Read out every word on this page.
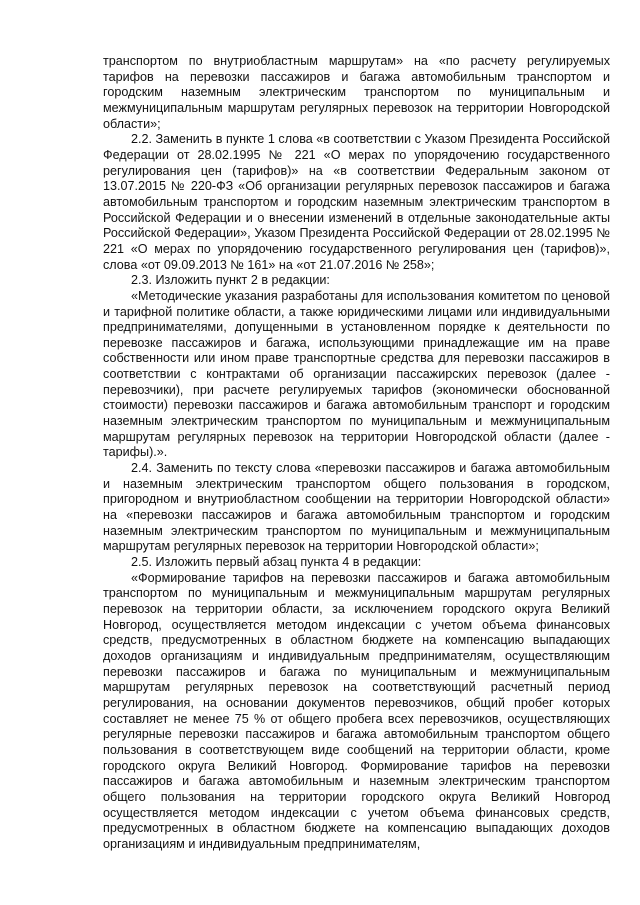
транспортом по внутриобластным маршрутам» на «по расчету регулируемых тарифов на перевозки пассажиров и багажа автомобильным транспортом и городским наземным электрическим транспортом по муниципальным и межмуниципальным маршрутам регулярных перевозок на территории Новгородской области»;

2.2. Заменить в пункте 1 слова «в соответствии с Указом Президента Российской Федерации от 28.02.1995 № 221 «О мерах по упорядочению государственного регулирования цен (тарифов)» на «в соответствии Федеральным законом от 13.07.2015 № 220-ФЗ «Об организации регулярных перевозок пассажиров и багажа автомобильным транспортом и городским наземным электрическим транспортом в Российской Федерации и о внесении изменений в отдельные законодательные акты Российской Федерации», Указом Президента Российской Федерации от 28.02.1995 № 221 «О мерах по упорядочению государственного регулирования цен (тарифов)», слова «от 09.09.2013 № 161» на «от 21.07.2016 № 258»;

2.3. Изложить пункт 2 в редакции:

«Методические указания разработаны для использования комитетом по ценовой и тарифной политике области, а также юридическими лицами или индивидуальными предпринимателями, допущенными в установленном порядке к деятельности по перевозке пассажиров и багажа, использующими принадлежащие им на праве собственности или ином праве транспортные средства для перевозки пассажиров в соответствии с контрактами об организации пассажирских перевозок (далее - перевозчики), при расчете регулируемых тарифов (экономически обоснованной стоимости) перевозки пассажиров и багажа автомобильным транспорт и городским наземным электрическим транспортом по муниципальным и межмуниципальным маршрутам регулярных перевозок на территории Новгородской области (далее - тарифы).».

2.4. Заменить по тексту слова «перевозки пассажиров и багажа автомобильным и наземным электрическим транспортом общего пользования в городском, пригородном и внутриобластном сообщении на территории Новгородской области» на «перевозки пассажиров и багажа автомобильным транспортом и городским наземным электрическим транспортом по муниципальным и межмуниципальным маршрутам регулярных перевозок на территории Новгородской области»;

2.5. Изложить первый абзац пункта 4 в редакции:

«Формирование тарифов на перевозки пассажиров и багажа автомобильным транспортом по муниципальным и межмуниципальным маршрутам регулярных перевозок на территории области, за исключением городского округа Великий Новгород, осуществляется методом индексации с учетом объема финансовых средств, предусмотренных в областном бюджете на компенсацию выпадающих доходов организациям и индивидуальным предпринимателям, осуществляющим перевозки пассажиров и багажа по муниципальным и межмуниципальным маршрутам регулярных перевозок на соответствующий расчетный период регулирования, на основании документов перевозчиков, общий пробег которых составляет не менее 75 % от общего пробега всех перевозчиков, осуществляющих регулярные перевозки пассажиров и багажа автомобильным транспортом общего пользования в соответствующем виде сообщений на территории области, кроме городского округа Великий Новгород. Формирование тарифов на перевозки пассажиров и багажа автомобильным и наземным электрическим транспортом общего пользования на территории городского округа Великий Новгород осуществляется методом индексации с учетом объема финансовых средств, предусмотренных в областном бюджете на компенсацию выпадающих доходов организациям и индивидуальным предпринимателям,
